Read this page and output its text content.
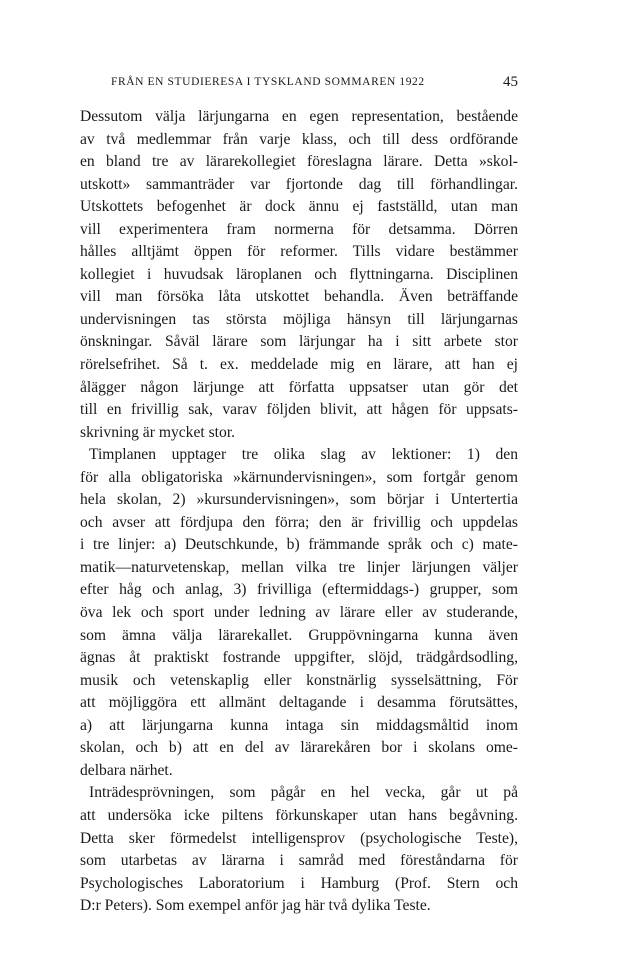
FRÅN EN STUDIERESA I TYSKLAND SOMMAREN 1922	45
Dessutom välja lärjungarna en egen representation, bestående
av två medlemmar från varje klass, och till dess ordförande
en bland tre av lärarekollegiet föreslagna lärare. Detta »skol-
utskott» sammanträder var fjortonde dag till förhandlingar.
Utskottets befogenhet är dock ännu ej fastställd, utan man
vill experimentera fram normerna för detsamma. Dörren
hålles alltjämt öppen för reformer. Tills vidare bestämmer
kollegiet i huvudsak läroplanen och flyttningarna. Disciplinen
vill man försöka låta utskottet behandla. Även beträffande
undervisningen tas största möjliga hänsyn till lärjungarnas
önskningar. Såväl lärare som lärjungar ha i sitt arbete stor
rörelsefrihet. Så t. ex. meddelade mig en lärare, att han ej
ålägger någon lärjunge att författa uppsatser utan gör det
till en frivillig sak, varav följden blivit, att hågen för uppsats-
skrivning är mycket stor.
Timplanen upptager tre olika slag av lektioner: 1) den
för alla obligatoriska »kärnundervisningen», som fortgår genom
hela skolan, 2) »kursundervisningen», som börjar i Untertertia
och avser att fördjupa den förra; den är frivillig och uppdelas
i tre linjer: a) Deutschkunde, b) främmande språk och c) mate-
matik—naturvetenskap, mellan vilka tre linjer lärjungen väljer
efter håg och anlag, 3) frivilliga (eftermiddags-) grupper, som
öva lek och sport under ledning av lärare eller av studerande,
som ämna välja lärarekallet. Gruppövningarna kunna även
ägnas åt praktiskt fostrande uppgifter, slöjd, trädgårdsodling,
musik och vetenskaplig eller konstnärlig sysselsättning, För
att möjliggöra ett allmänt deltagande i desamma förutsättes,
a) att lärjungarna kunna intaga sin middagsmåltid inom
skolan, och b) att en del av lärarekåren bor i skolans ome-
delbara närhet.
Inträdesprövningen, som pågår en hel vecka, går ut på
att undersöka icke piltens förkunskaper utan hans begåvning.
Detta sker förmedelst intelligensprov (psychologische Teste),
som utarbetas av lärarna i samråd med föreståndarna för
Psychologisches Laboratorium i Hamburg (Prof. Stern och
D:r Peters). Som exempel anför jag här två dylika Teste.
